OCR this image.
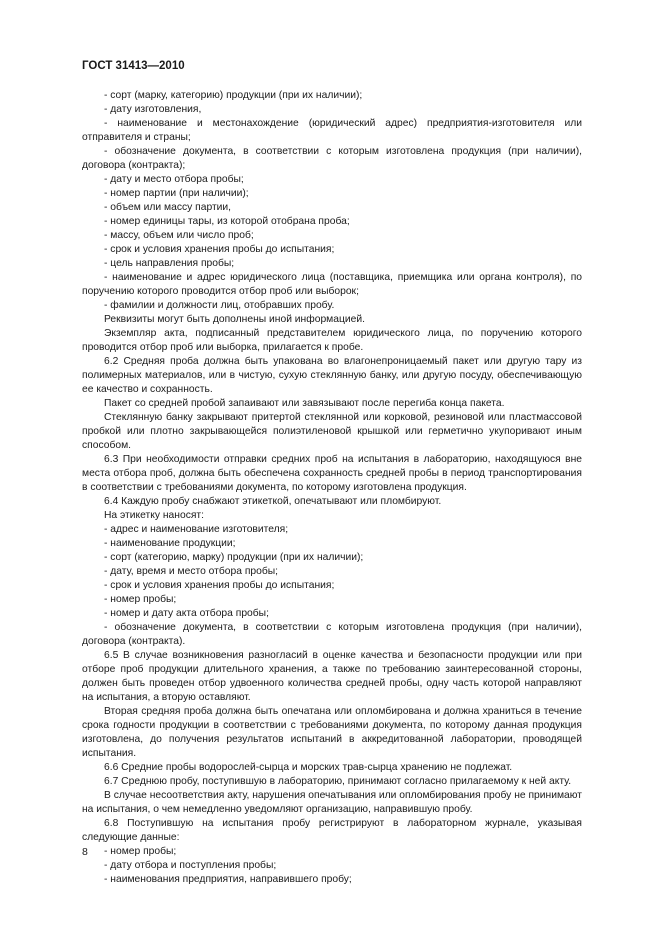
ГОСТ 31413—2010

- сорт (марку, категорию) продукции (при их наличии);

- дату изготовления,

- наименование и местонахождение (юридический адрес) предприятия-изготовителя или отправителя и страны;

- обозначение документа, в соответствии с которым изготовлена продукция (при наличии), договора (контракта);

- дату и место отбора пробы;

- номер партии (при наличии);

- объем или массу партии,

- номер единицы тары, из которой отобрана проба;

- массу, объем или число проб;

- срок и условия хранения пробы до испытания;

- цель направления пробы;

- наименование и адрес юридического лица (поставщика, приемщика или органа контроля), по поручению которого проводится отбор проб или выборок;

- фамилии и должности лиц, отобравших пробу.

Реквизиты могут быть дополнены иной информацией.

Экземпляр акта, подписанный представителем юридического лица, по поручению которого проводится отбор проб или выборка, прилагается к пробе.

6.2 Средняя проба должна быть упакована во влагонепроницаемый пакет или другую тару из полимерных материалов, или в чистую, сухую стеклянную банку, или другую посуду, обеспечивающую ее качество и сохранность.

Пакет со средней пробой запаивают или завязывают после перегиба конца пакета.

Стеклянную банку закрывают притертой стеклянной или корковой, резиновой или пластмассовой пробкой или плотно закрывающейся полиэтиленовой крышкой или герметично укупоривают иным способом.

6.3 При необходимости отправки средних проб на испытания в лабораторию, находящуюся вне места отбора проб, должна быть обеспечена сохранность средней пробы в период транспортирования в соответствии с требованиями документа, по которому изготовлена продукция.

6.4 Каждую пробу снабжают этикеткой, опечатывают или пломбируют.

На этикетку наносят:

- адрес и наименование изготовителя;

- наименование продукции;

- сорт (категорию, марку) продукции (при их наличии);

- дату, время и место отбора пробы;

- срок и условия хранения пробы до испытания;

- номер пробы;

- номер и дату акта отбора пробы;

- обозначение документа, в соответствии с которым изготовлена продукция (при наличии), договора (контракта).

6.5 В случае возникновения разногласий в оценке качества и безопасности продукции или при отборе проб продукции длительного хранения, а также по требованию заинтересованной стороны, должен быть проведен отбор удвоенного количества средней пробы, одну часть которой направляют на испытания, а вторую оставляют.

Вторая средняя проба должна быть опечатана или опломбирована и должна храниться в течение срока годности продукции в соответствии с требованиями документа, по которому данная продукция изготовлена, до получения результатов испытаний в аккредитованной лаборатории, проводящей испытания.

6.6 Средние пробы водорослей-сырца и морских трав-сырца хранению не подлежат.

6.7 Среднюю пробу, поступившую в лабораторию, принимают согласно прилагаемому к ней акту.

В случае несоответствия акту, нарушения опечатывания или опломбирования пробу не принимают на испытания, о чем немедленно уведомляют организацию, направившую пробу.

6.8 Поступившую на испытания пробу регистрируют в лабораторном журнале, указывая следующие данные:

- номер пробы;

- дату отбора и поступления пробы;

- наименования предприятия, направившего пробу;

8
